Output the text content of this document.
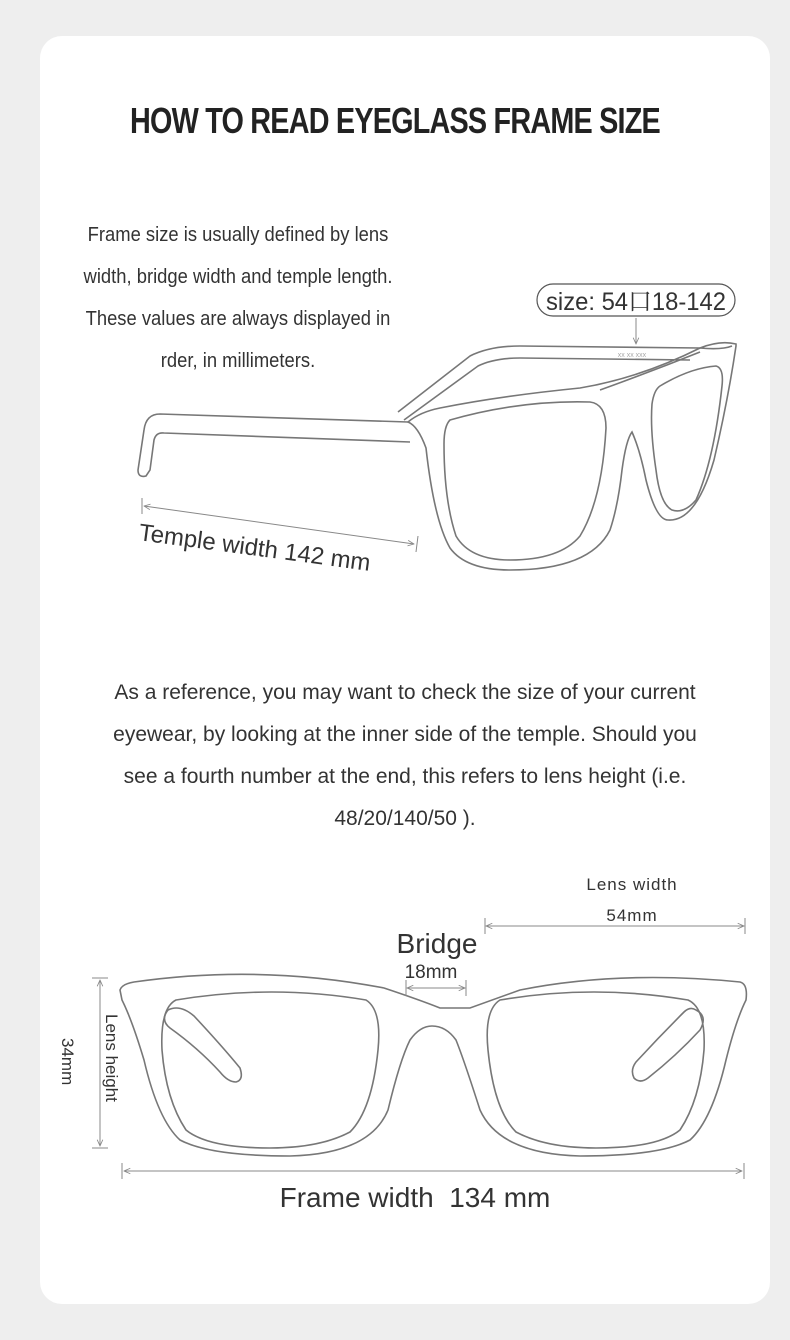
HOW TO READ EYEGLASS FRAME SIZE
Frame size is usually defined by lens
width, bridge width and temple length.
These values are always displayed in
rder, in millimeters.
As a reference, you may want to check the size of your current
eyewear, by looking at the inner side of the temple. Should you
see a fourth number at the end, this refers to lens height (i.e.
48/20/140/50 ).
size: 54口18-142
xx xx xxx
Temple width 142 mm
Lens width
54mm
Bridge
18mm
Lens height
34mm
Frame width  134 mm
